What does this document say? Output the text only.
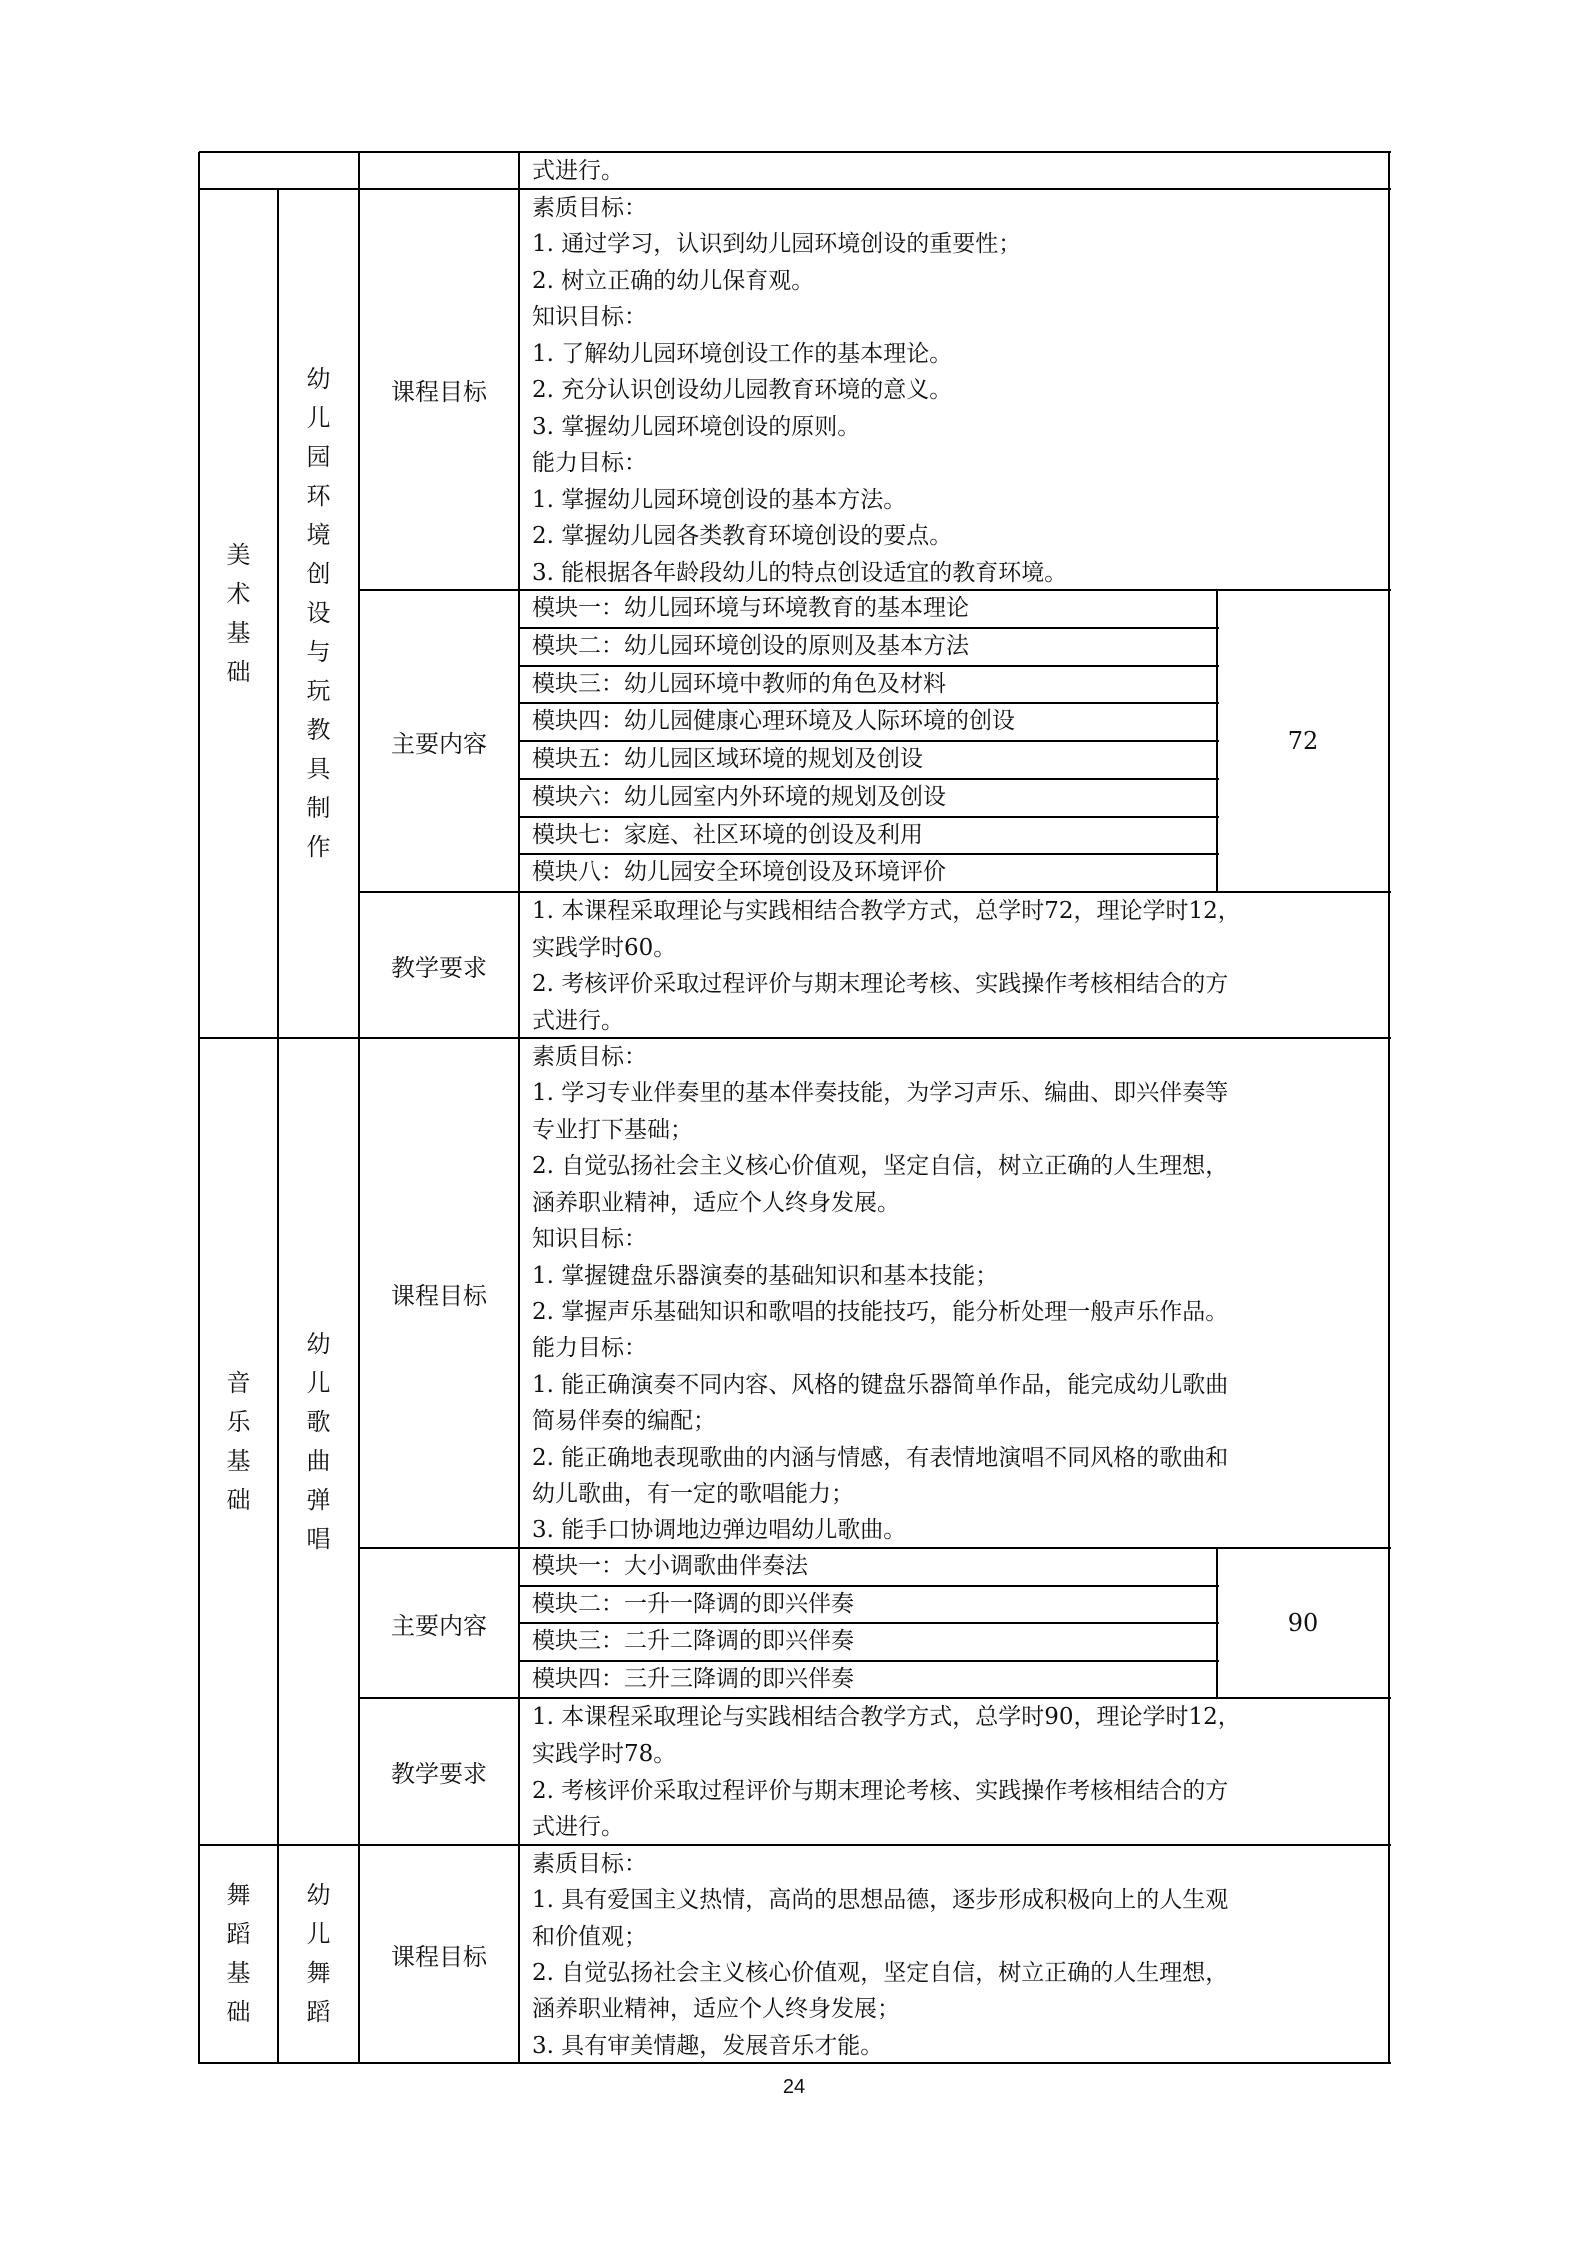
式进行。
美
术
基
础
幼
儿
园
环
境
创
设
与
玩
教
具
制
作
课程目标
素质目标：
1. 通过学习，认识到幼儿园环境创设的重要性；
2. 树立正确的幼儿保育观。
知识目标：
1. 了解幼儿园环境创设工作的基本理论。
2. 充分认识创设幼儿园教育环境的意义。
3. 掌握幼儿园环境创设的原则。
能力目标：
1. 掌握幼儿园环境创设的基本方法。
2. 掌握幼儿园各类教育环境创设的要点。
3. 能根据各年龄段幼儿的特点创设适宜的教育环境。
主要内容
模块一：幼儿园环境与环境教育的基本理论
模块二：幼儿园环境创设的原则及基本方法
模块三：幼儿园环境中教师的角色及材料
模块四：幼儿园健康心理环境及人际环境的创设
模块五：幼儿园区域环境的规划及创设
模块六：幼儿园室内外环境的规划及创设
模块七：家庭、社区环境的创设及利用
模块八：幼儿园安全环境创设及环境评价
72
教学要求
1. 本课程采取理论与实践相结合教学方式，总学时72，理论学时12，
实践学时60。
2. 考核评价采取过程评价与期末理论考核、实践操作考核相结合的方
式进行。
音
乐
基
础
幼
儿
歌
曲
弹
唱
课程目标
素质目标：
1. 学习专业伴奏里的基本伴奏技能，为学习声乐、编曲、即兴伴奏等
专业打下基础；
2. 自觉弘扬社会主义核心价值观，坚定自信，树立正确的人生理想，
涵养职业精神，适应个人终身发展。
知识目标：
1. 掌握键盘乐器演奏的基础知识和基本技能；
2. 掌握声乐基础知识和歌唱的技能技巧，能分析处理一般声乐作品。
能力目标：
1. 能正确演奏不同内容、风格的键盘乐器简单作品，能完成幼儿歌曲
简易伴奏的编配；
2. 能正确地表现歌曲的内涵与情感，有表情地演唱不同风格的歌曲和
幼儿歌曲，有一定的歌唱能力；
3. 能手口协调地边弹边唱幼儿歌曲。
主要内容
模块一：大小调歌曲伴奏法
模块二：一升一降调的即兴伴奏
模块三：二升二降调的即兴伴奏
模块四：三升三降调的即兴伴奏
90
教学要求
1. 本课程采取理论与实践相结合教学方式，总学时90，理论学时12，
实践学时78。
2. 考核评价采取过程评价与期末理论考核、实践操作考核相结合的方
式进行。
舞
蹈
基
础
幼
儿
舞
蹈
课程目标
素质目标：
1. 具有爱国主义热情，高尚的思想品德，逐步形成积极向上的人生观
和价值观；
2. 自觉弘扬社会主义核心价值观，坚定自信，树立正确的人生理想，
涵养职业精神，适应个人终身发展；
3. 具有审美情趣，发展音乐才能。
24
